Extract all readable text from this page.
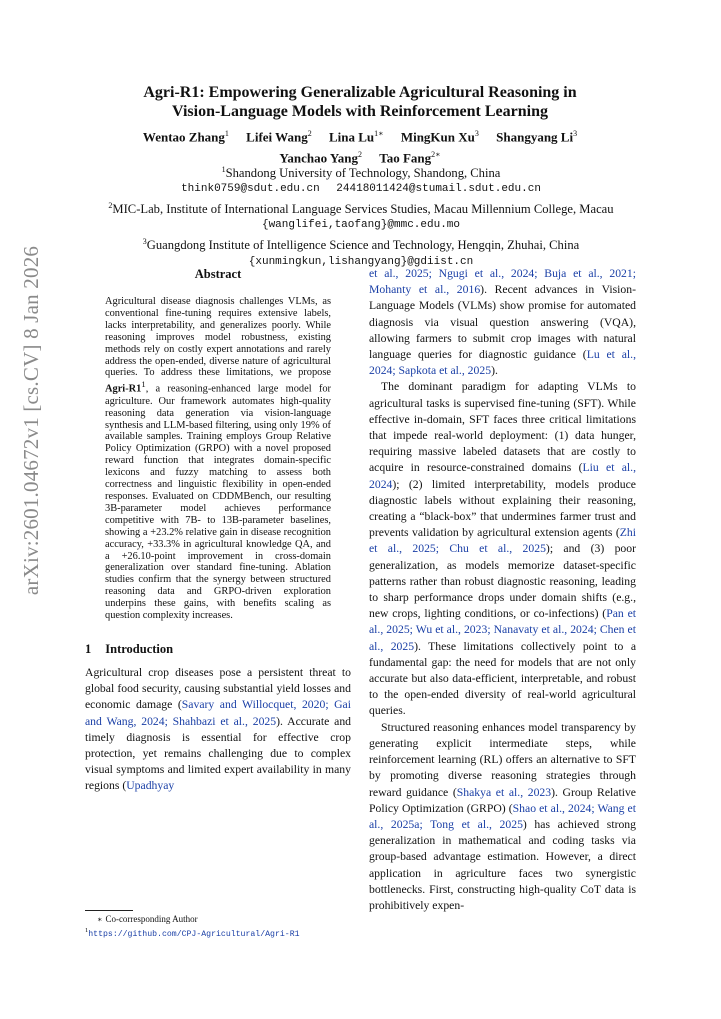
arXiv:2601.04672v1 [cs.CV] 8 Jan 2026
Agri-R1: Empowering Generalizable Agricultural Reasoning in
Vision-Language Models with Reinforcement Learning
Wentao Zhang$^1$ Lifei Wang$^2$ Lina $Lu^{1∗}$ MingKun Xu$^3$ Shangyang Li$^3$
Yanchao Yang$^2$ Tao Fang$^{2∗}$
$^1$Shandong University of Technology, Shandong, China
think0759@sdut.edu.cn 24418011424@stumail.sdut.edu.cn
$^2$MIC-Lab, Institute of International Language Services Studies, Macau Millennium College, Macau
{wanglifei,taofang}@mmc.edu.mo
$^3$Guangdong Institute of Intelligence Science and Technology, Hengqin, Zhuhai, China
{xunmingkun,lishangyang}@gdiist.cn
Abstract

Agricultural disease diagnosis challenges VLMs, as conventional fine-tuning requires extensive labels, lacks interpretability, and generalizes poorly. While reasoning improves model robustness, existing methods rely on costly expert annotations and rarely address the open-ended, diverse nature of agricultural queries. To address these limitations, we propose Agri-$R1^1$, a reasoning-enhanced large model for agriculture. Our framework automates high-quality reasoning data generation via vision-language synthesis and LLM-based filtering, using only 19% of available samples. Training employs Group Relative Policy Optimization (GRPO) with a novel proposed reward function that integrates domain-specific lexicons and fuzzy matching to assess both correctness and linguistic flexibility in open-ended responses. Evaluated on CDDMBench, our resulting 3B-parameter model achieves performance competitive with 7B- to 13B-parameter baselines, showing a +23.2% relative gain in disease recognition accuracy, +33.3% in agricultural knowledge QA, and a +26.10-point improvement in cross-domain generalization over standard fine-tuning. Ablation studies confirm that the synergy between structured reasoning data and GRPO-driven exploration underpins these gains, with benefits scaling as question complexity increases.

1 Introduction

Agricultural crop diseases pose a persistent threat to global food security, causing substantial yield losses and economic damage (Savary and Willocquet, 2020; Gai and Wang, 2024; Shahbazi et al., 2025). Accurate and timely diagnosis is essential for effective crop protection, yet remains challenging due to complex visual symptoms and limited expert availability in many regions (Upadhyay

et al., 2025; Ngugi et al., 2024; Buja et al., 2021; Mohanty et al., 2016). Recent advances in Vision-Language Models (VLMs) show promise for automated diagnosis via visual question answering (VQA), allowing farmers to submit crop images with natural language queries for diagnostic guidance (Lu et al., 2024; Sapkota et al., 2025).

The dominant paradigm for adapting VLMs to agricultural tasks is supervised fine-tuning (SFT). While effective in-domain, SFT faces three critical limitations that impede real-world deployment: (1) data hunger, requiring massive labeled datasets that are costly to acquire in resource-constrained domains (Liu et al., 2024); (2) limited interpretability, models produce diagnostic labels without explaining their reasoning, creating a “black-box” that undermines farmer trust and prevents validation by agricultural extension agents (Zhi et al., 2025; Chu et al., 2025); and (3) poor generalization, as models memorize dataset-specific patterns rather than robust diagnostic reasoning, leading to sharp performance drops under domain shifts (e.g., new crops, lighting conditions, or co-infections) (Pan et al., 2025; Wu et al., 2023; Nanavaty et al., 2024; Chen et al., 2025). These limitations collectively point to a fundamental gap: the need for models that are not only accurate but also data-efficient, interpretable, and robust to the open-ended diversity of real-world agricultural queries.

Structured reasoning enhances model transparency by generating explicit intermediate steps, while reinforcement learning (RL) offers an alternative to SFT by promoting diverse reasoning strategies through reward guidance (Shakya et al., 2023). Group Relative Policy Optimization (GRPO) (Shao et al., 2024; Wang et al., 2025a; Tong et al., 2025) has achieved strong generalization in mathematical and coding tasks via group-based advantage estimation. However, a direct application in agriculture faces two synergistic bottlenecks. First, constructing high-quality CoT data is prohibitively expen-

∗ Co-corresponding Author
$^1$https://github.com/CPJ-Agricultural/Agri-R1
